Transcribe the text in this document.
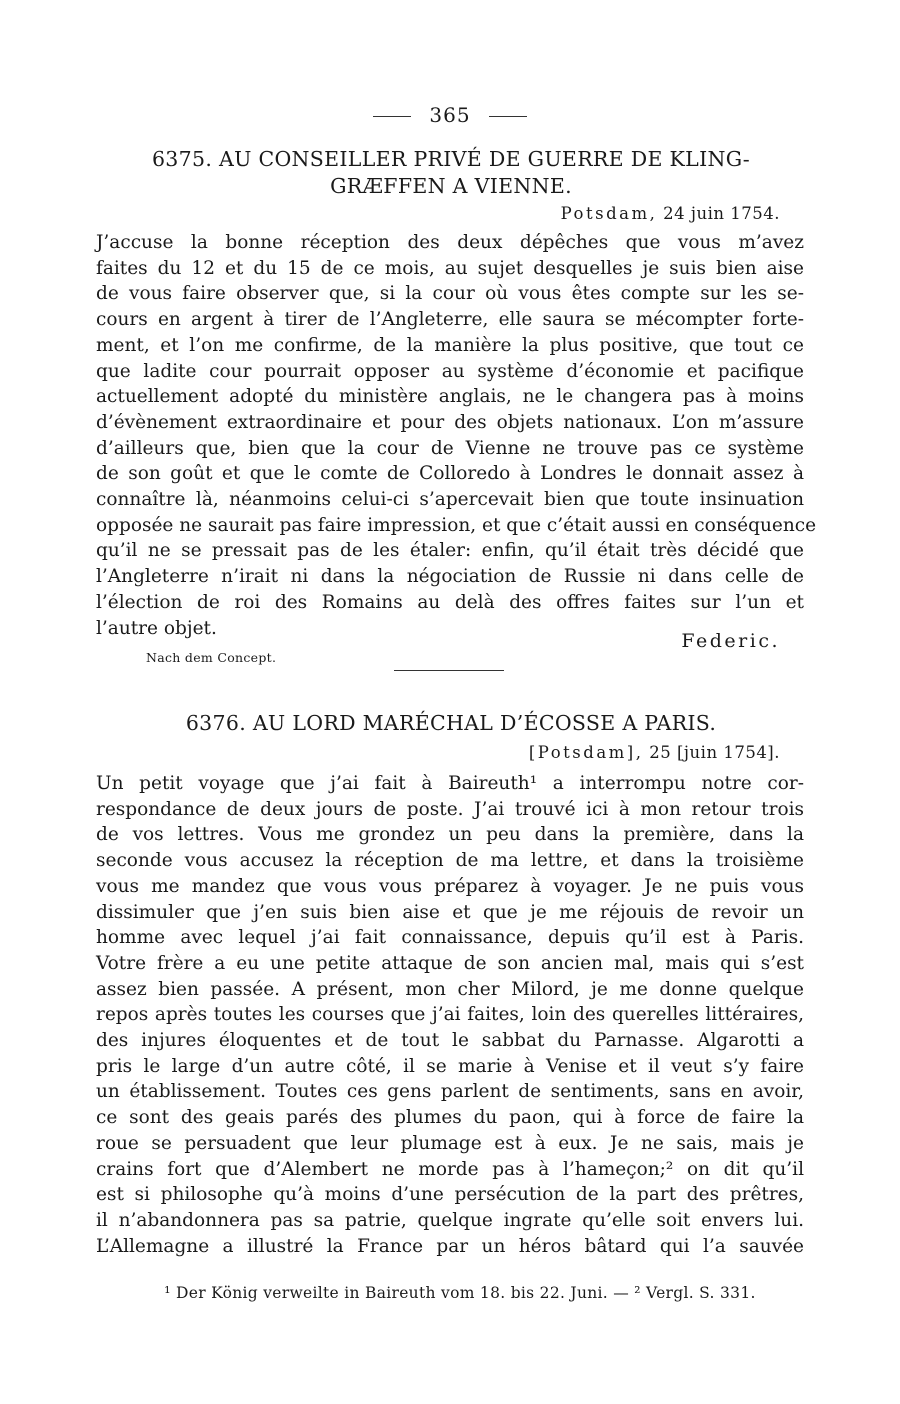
365
6375. AU CONSEILLER PRIVÉ DE GUERRE DE KLING-
GRÆFFEN A VIENNE.
Potsdam, 24 juin 1754.
J’accuse la bonne réception des deux dépêches que vous m’avez
faites du 12 et du 15 de ce mois, au sujet desquelles je suis bien aise
de vous faire observer que, si la cour où vous êtes compte sur les se-
cours en argent à tirer de l’Angleterre, elle saura se mécompter forte-
ment, et l’on me confirme, de la manière la plus positive, que tout ce
que ladite cour pourrait opposer au système d’économie et pacifique
actuellement adopté du ministère anglais, ne le changera pas à moins
d’évènement extraordinaire et pour des objets nationaux. L’on m’assure
d’ailleurs que, bien que la cour de Vienne ne trouve pas ce système
de son goût et que le comte de Colloredo à Londres le donnait assez à
connaître là, néanmoins celui-ci s’apercevait bien que toute insinuation
opposée ne saurait pas faire impression, et que c’était aussi en conséquence
qu’il ne se pressait pas de les étaler: enfin, qu’il était très décidé que
l’Angleterre n’irait ni dans la négociation de Russie ni dans celle de
l’élection de roi des Romains au delà des offres faites sur l’un et
l’autre objet.
Federic.
Nach dem Concept.
6376. AU LORD MARÉCHAL D’ÉCOSSE A PARIS.
[Potsdam], 25 [juin 1754].
Un petit voyage que j’ai fait à Baireuth¹ a interrompu notre cor-
respondance de deux jours de poste. J’ai trouvé ici à mon retour trois
de vos lettres. Vous me grondez un peu dans la première, dans la
seconde vous accusez la réception de ma lettre, et dans la troisième
vous me mandez que vous vous préparez à voyager. Je ne puis vous
dissimuler que j’en suis bien aise et que je me réjouis de revoir un
homme avec lequel j’ai fait connaissance, depuis qu’il est à Paris.
Votre frère a eu une petite attaque de son ancien mal, mais qui s’est
assez bien passée. A présent, mon cher Milord, je me donne quelque
repos après toutes les courses que j’ai faites, loin des querelles littéraires,
des injures éloquentes et de tout le sabbat du Parnasse. Algarotti a
pris le large d’un autre côté, il se marie à Venise et il veut s’y faire
un établissement. Toutes ces gens parlent de sentiments, sans en avoir,
ce sont des geais parés des plumes du paon, qui à force de faire la
roue se persuadent que leur plumage est à eux. Je ne sais, mais je
crains fort que d’Alembert ne morde pas à l’hameçon;² on dit qu’il
est si philosophe qu’à moins d’une persécution de la part des prêtres,
il n’abandonnera pas sa patrie, quelque ingrate qu’elle soit envers lui.
L’Allemagne a illustré la France par un héros bâtard qui l’a sauvée
¹ Der König verweilte in Baireuth vom 18. bis 22. Juni. — ² Vergl. S. 331.
